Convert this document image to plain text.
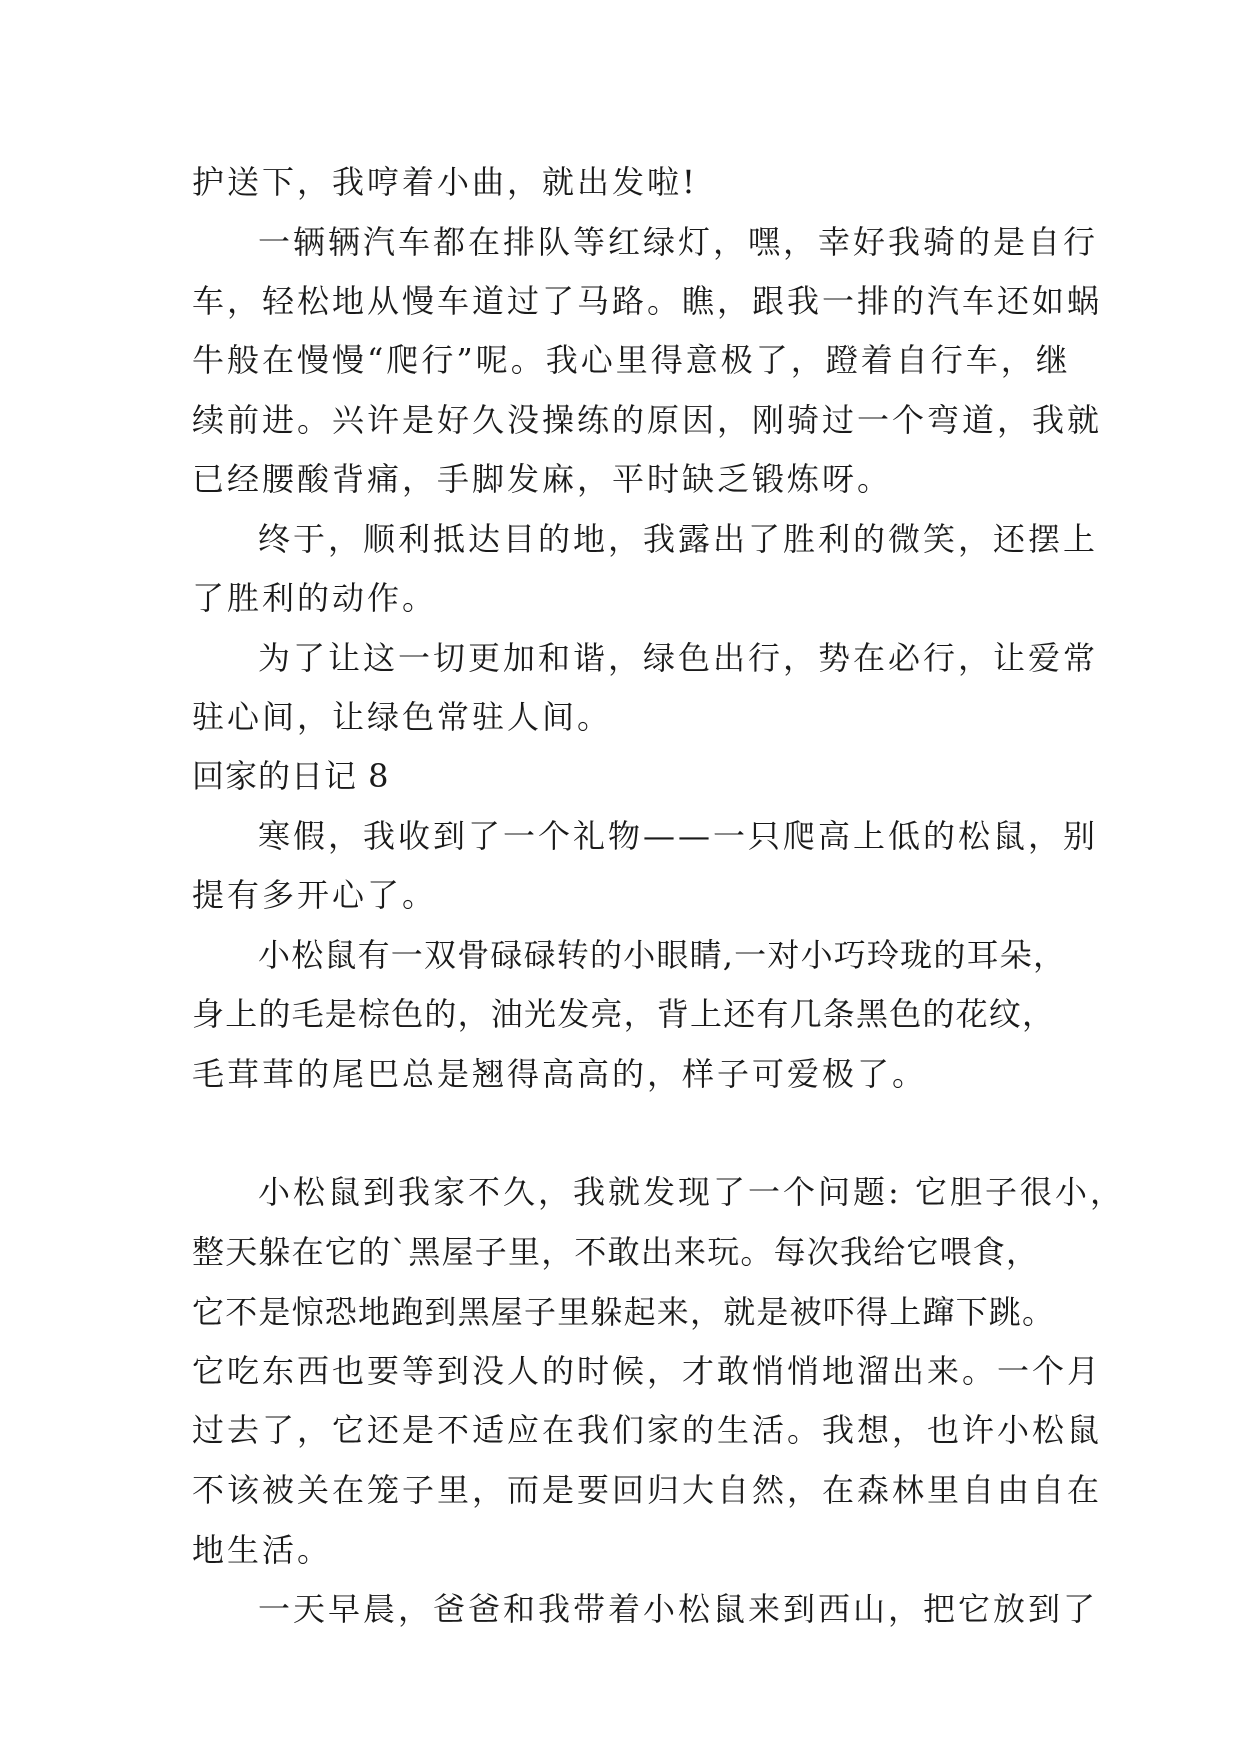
护送下，我哼着小曲，就出发啦!
一辆辆汽车都在排队等红绿灯，嘿，幸好我骑的是自行
车，轻松地从慢车道过了马路。瞧，跟我一排的汽车还如蜗
牛般在慢慢“爬行”呢。我心里得意极了，蹬着自行车，继
续前进。兴许是好久没操练的原因，刚骑过一个弯道，我就
已经腰酸背痛，手脚发麻，平时缺乏锻炼呀。
终于，顺利抵达目的地，我露出了胜利的微笑，还摆上
了胜利的动作。
为了让这一切更加和谐，绿色出行，势在必行，让爱常
驻心间，让绿色常驻人间。
回家的日记 8
寒假，我收到了一个礼物——一只爬高上低的松鼠，别
提有多开心了。
小松鼠有一双骨碌碌转的小眼睛,一对小巧玲珑的耳朵，
身上的毛是棕色的，油光发亮，背上还有几条黑色的花纹，
毛茸茸的尾巴总是翘得高高的，样子可爱极了。
小松鼠到我家不久，我就发现了一个问题: 它胆子很小，
整天躲在它的`黑屋子里，不敢出来玩。每次我给它喂食，
它不是惊恐地跑到黑屋子里躲起来，就是被吓得上蹿下跳。
它吃东西也要等到没人的时候，才敢悄悄地溜出来。一个月
过去了，它还是不适应在我们家的生活。我想，也许小松鼠
不该被关在笼子里，而是要回归大自然，在森林里自由自在
地生活。
一天早晨，爸爸和我带着小松鼠来到西山，把它放到了
